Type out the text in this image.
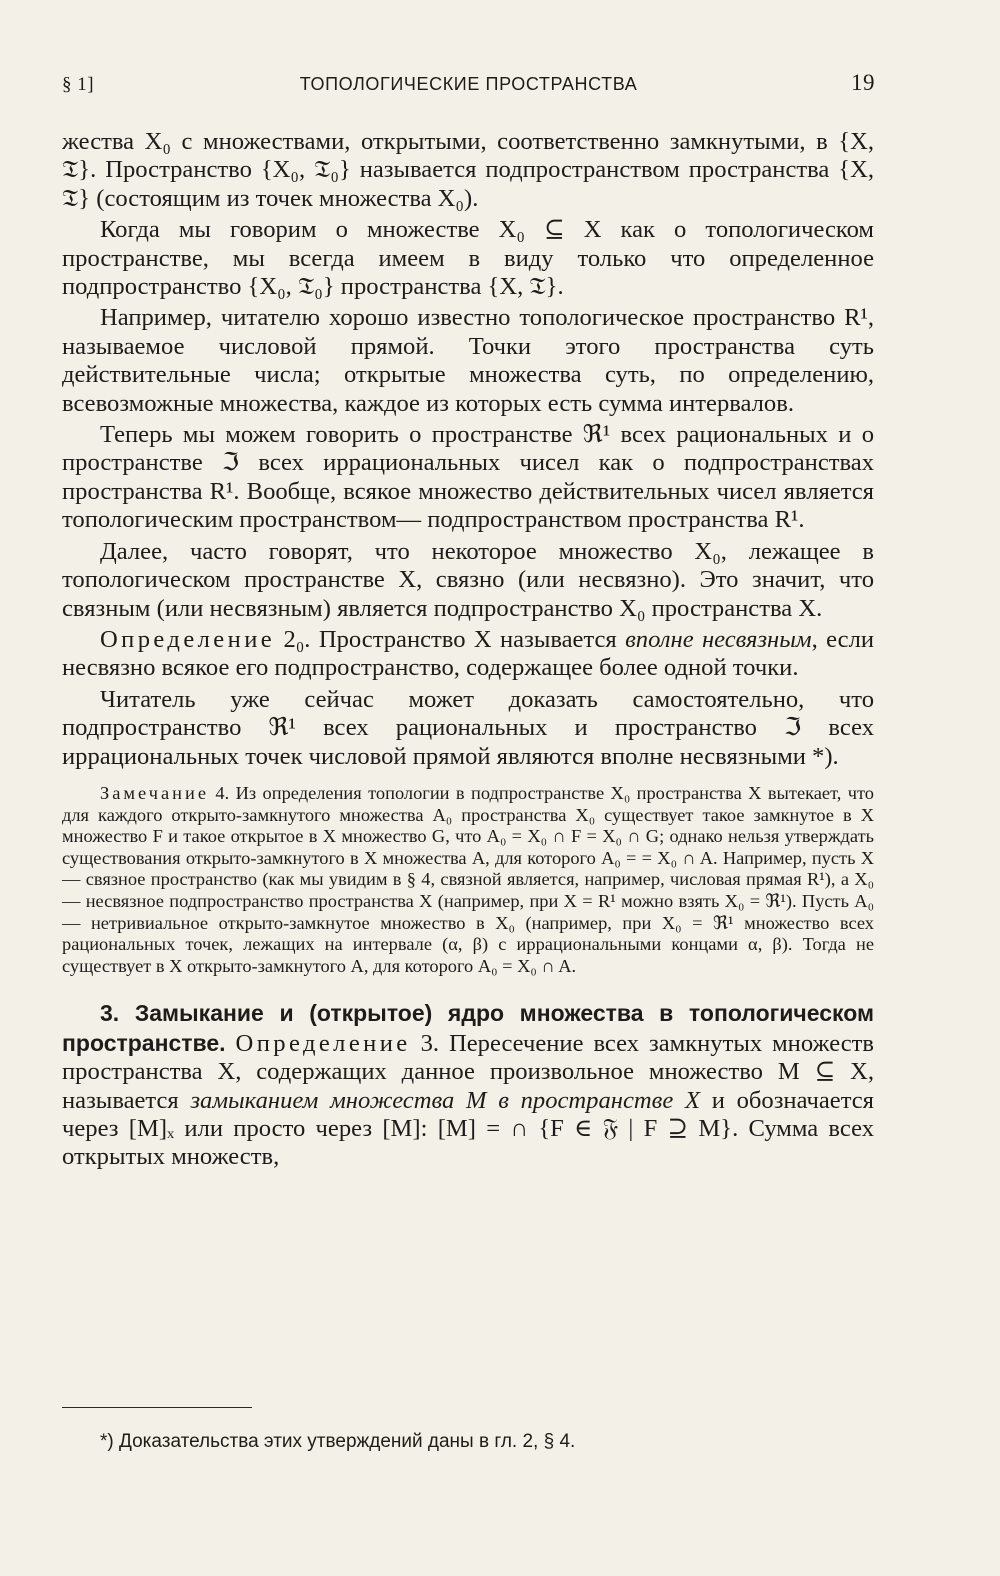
§ 1]	ТОПОЛОГИЧЕСКИЕ ПРОСТРАНСТВА	19

жества X₀ с множествами, открытыми, соответственно замкнутыми, в {X, 𝔗}. Пространство {X₀, 𝔗₀} называется подпространством пространства {X, 𝔗} (состоящим из точек множества X₀).

Когда мы говорим о множестве X₀ ⊆ X как о топологическом пространстве, мы всегда имеем в виду только что определенное подпространство {X₀, 𝔗₀} пространства {X, 𝔗}.

Например, читателю хорошо известно топологическое пространство R¹, называемое числовой прямой. Точки этого пространства суть действительные числа; открытые множества суть, по определению, всевозможные множества, каждое из которых есть сумма интервалов.

Теперь мы можем говорить о пространстве ℜ¹ всех рациональных и о пространстве ℑ всех иррациональных чисел как о подпространствах пространства R¹. Вообще, всякое множество действительных чисел является топологическим пространством— подпространством пространства R¹.

Далее, часто говорят, что некоторое множество X₀, лежащее в топологическом пространстве X, связно (или несвязно). Это значит, что связным (или несвязным) является подпространство X₀ пространства X.

Определение 2₀. Пространство X называется вполне несвязным, если несвязно всякое его подпространство, содержащее более одной точки.

Читатель уже сейчас может доказать самостоятельно, что подпространство ℜ¹ всех рациональных и пространство ℑ всех иррациональных точек числовой прямой являются вполне несвязными *).

Замечание 4. Из определения топологии в подпространстве X₀ пространства X вытекает, что для каждого открыто-замкнутого множества A₀ пространства X₀ существует такое замкнутое в X множество F и такое открытое в X множество G, что A₀ = X₀ ∩ F = X₀ ∩ G; однако нельзя утверждать существования открыто-замкнутого в X множества A, для которого A₀ = = X₀ ∩ A. Например, пусть X — связное пространство (как мы увидим в § 4, связной является, например, числовая прямая R¹), а X₀ — несвязное подпространство пространства X (например, при X = R¹ можно взять X₀ = ℜ¹). Пусть A₀ — нетривиальное открыто-замкнутое множество в X₀ (например, при X₀ = ℜ¹ множество всех рациональных точек, лежащих на интервале (α, β) с иррациональными концами α, β). Тогда не существует в X открыто-замкнутого A, для которого A₀ = X₀ ∩ A.

3. Замыкание и (открытое) ядро множества в топологическом пространстве. Определение 3. Пересечение всех замкнутых множеств пространства X, содержащих данное произвольное множество M ⊆ X, называется замыканием множества M в пространстве X и обозначается через [M]ₓ или просто через [M]: [M] = ∩ {F ∈ 𝔉 | F ⊇ M}. Сумма всех открытых множеств,

*) Доказательства этих утверждений даны в гл. 2, § 4.
